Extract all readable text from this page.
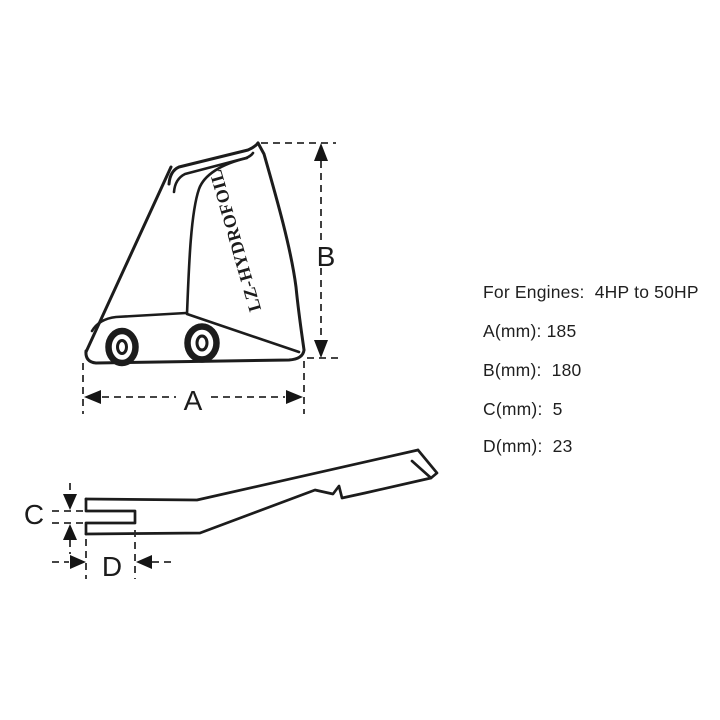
LZ-HYDROFOIL B
A
C
D
For Engines:  4HP to 50HP
A(mm): 185
B(mm):  180
C(mm):  5
D(mm):  23
